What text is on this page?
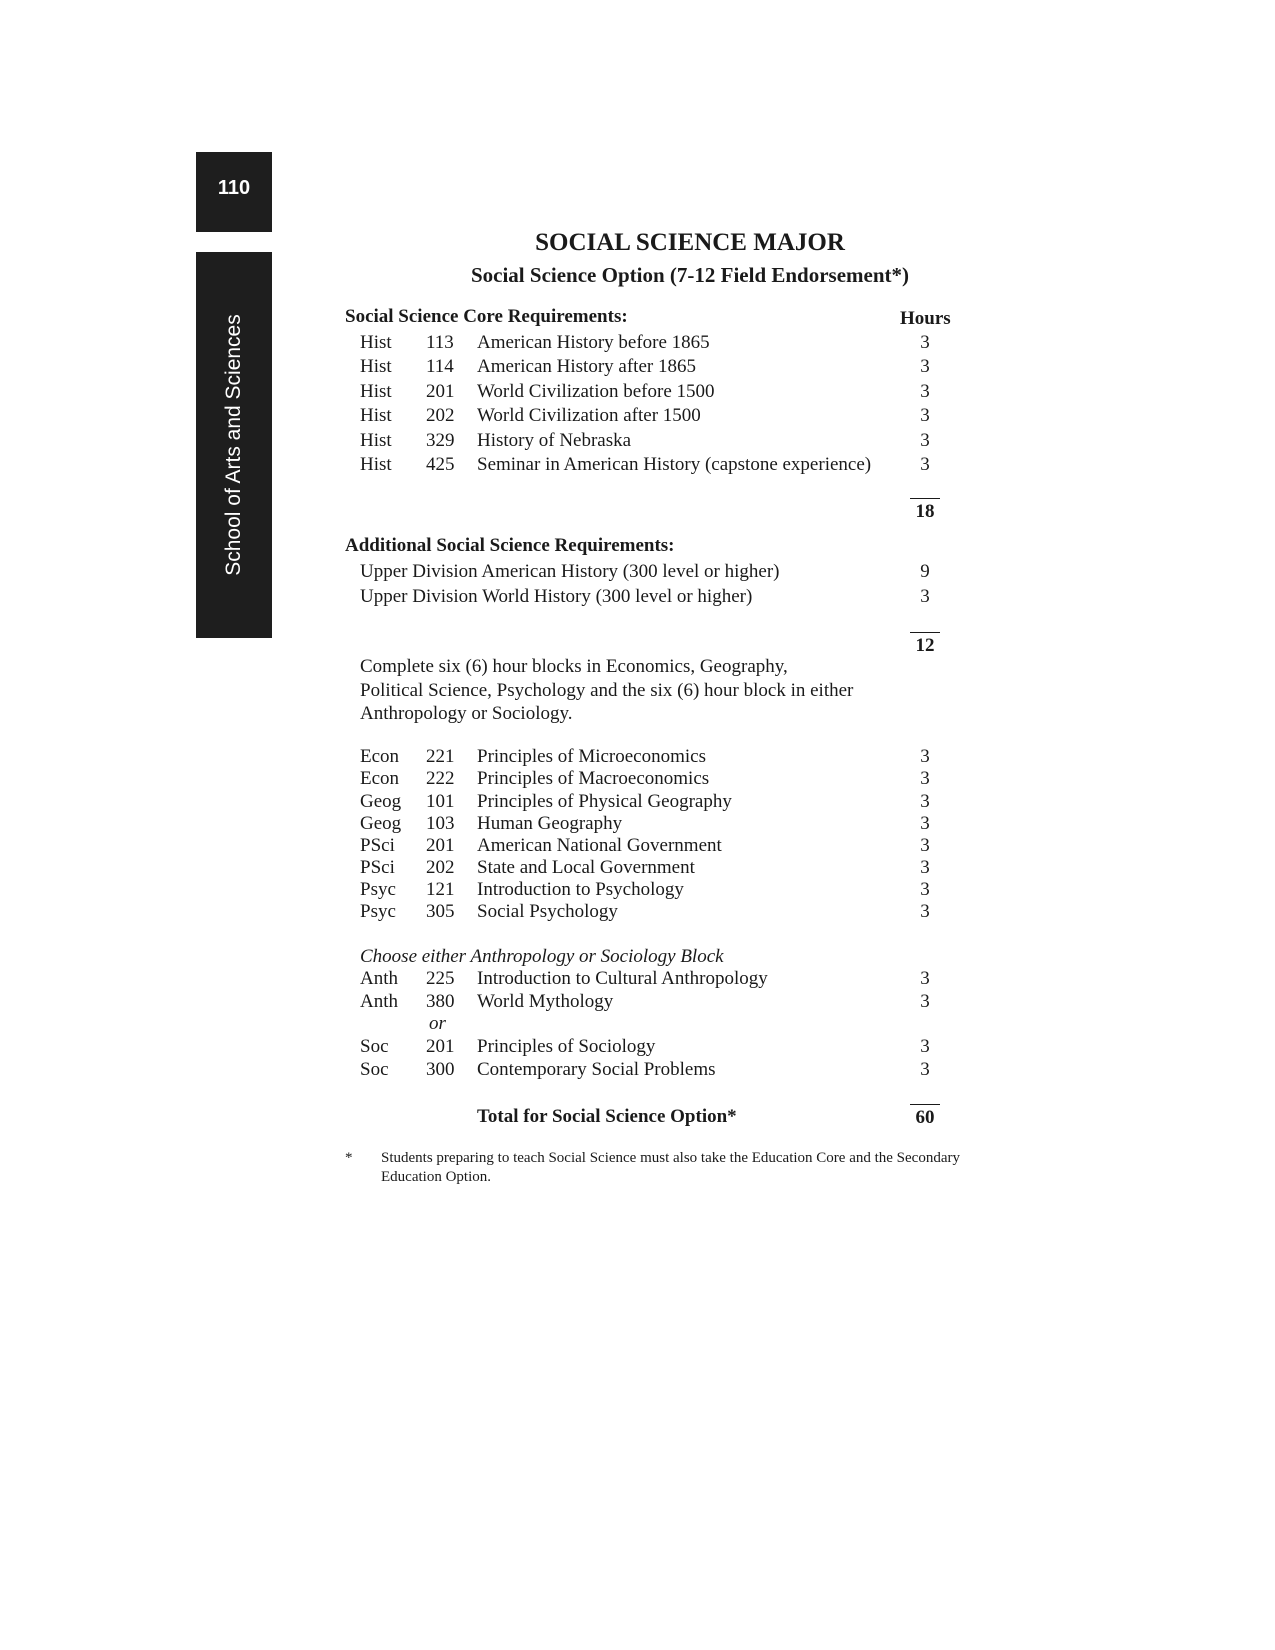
110
School of Arts and Sciences
SOCIAL SCIENCE MAJOR
Social Science Option (7-12 Field Endorsement*)
Social Science Core Requirements:	Hours
Hist 113 American History before 1865	3
Hist 114 American History after 1865	3
Hist 201 World Civilization before 1500	3
Hist 202 World Civilization after 1500	3
Hist 329 History of Nebraska	3
Hist 425 Seminar in American History (capstone experience)	3
18
Additional Social Science Requirements:
Upper Division American History (300 level or higher)	9
Upper Division World History (300 level or higher)	3
12
Complete six (6) hour blocks in Economics, Geography,
Political Science, Psychology and the six (6) hour block in either
Anthropology or Sociology.
Econ 221 Principles of Microeconomics	3
Econ 222 Principles of Macroeconomics	3
Geog 101 Principles of Physical Geography	3
Geog 103 Human Geography	3
PSci 201 American National Government	3
PSci 202 State and Local Government	3
Psyc 121 Introduction to Psychology	3
Psyc 305 Social Psychology	3
Choose either Anthropology or Sociology Block
Anth 225 Introduction to Cultural Anthropology	3
Anth 380 World Mythology	3
or
Soc 201 Principles of Sociology	3
Soc 300 Contemporary Social Problems	3
Total for Social Science Option*	60
* Students preparing to teach Social Science must also take the Education Core and the Secondary
Education Option.
